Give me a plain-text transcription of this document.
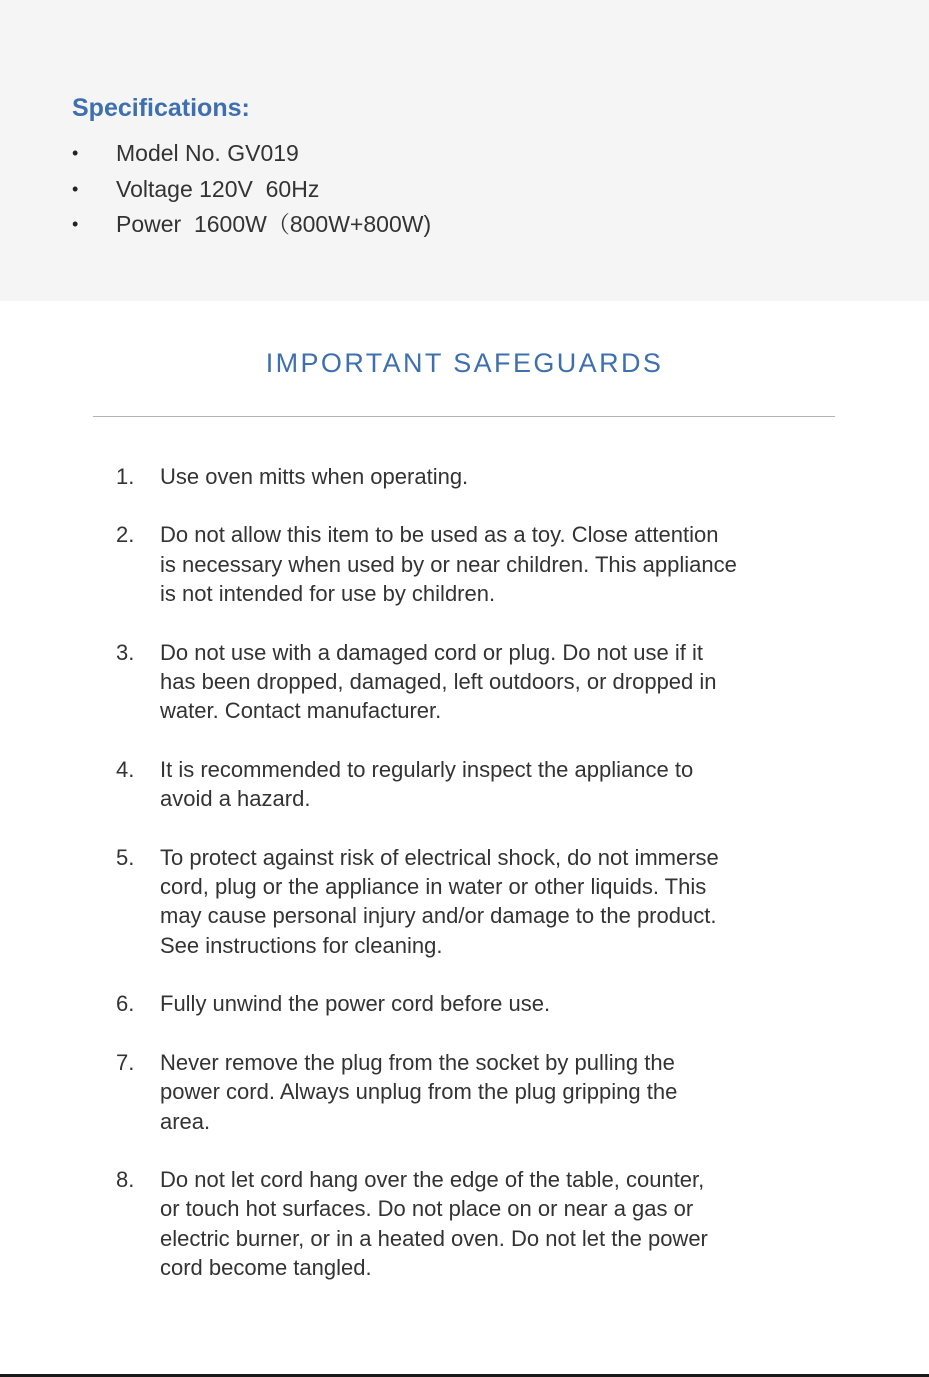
Specifications:
• Model No. GV019
• Voltage 120V  60Hz
• Power  1600W（800W+800W)
IMPORTANT SAFEGUARDS
1. Use oven mitts when operating.
2. Do not allow this item to be used as a toy. Close attention
is necessary when used by or near children. This appliance
is not intended for use by children.
3. Do not use with a damaged cord or plug. Do not use if it
has been dropped, damaged, left outdoors, or dropped in
water. Contact manufacturer.
4. It is recommended to regularly inspect the appliance to
avoid a hazard.
5. To protect against risk of electrical shock, do not immerse
cord, plug or the appliance in water or other liquids. This
may cause personal injury and/or damage to the product.
See instructions for cleaning.
6. Fully unwind the power cord before use.
7. Never remove the plug from the socket by pulling the
power cord. Always unplug from the plug gripping the
area.
8. Do not let cord hang over the edge of the table, counter,
or touch hot surfaces. Do not place on or near a gas or
electric burner, or in a heated oven. Do not let the power
cord become tangled.
